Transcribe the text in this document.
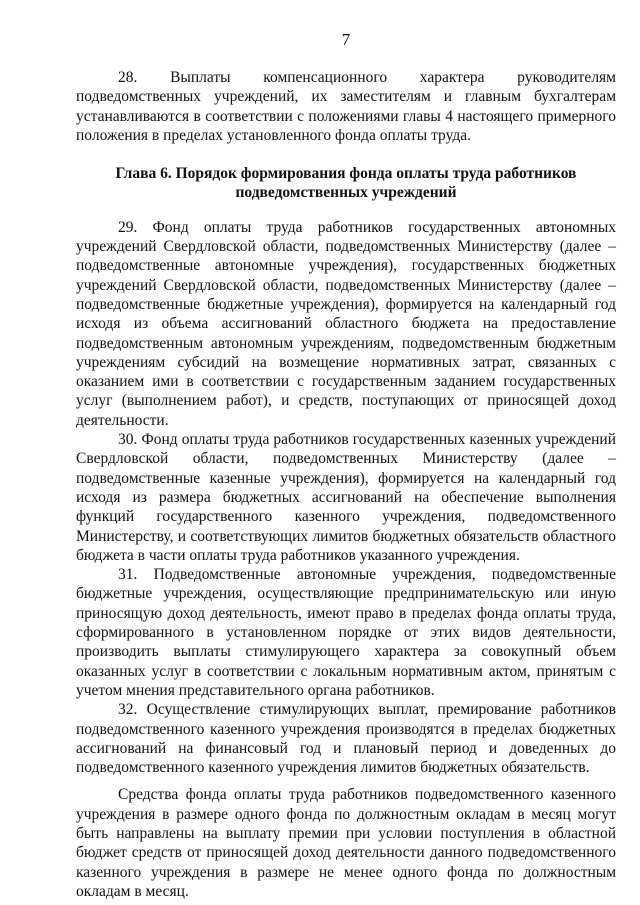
7

28. Выплаты компенсационного характера руководителям подведомственных учреждений, их заместителям и главным бухгалтерам устанавливаются в соответствии с положениями главы 4 настоящего примерного положения в пределах установленного фонда оплаты труда.

Глава 6. Порядок формирования фонда оплаты труда работников подведомственных учреждений

29. Фонд оплаты труда работников государственных автономных учреждений Свердловской области, подведомственных Министерству (далее – подведомственные автономные учреждения), государственных бюджетных учреждений Свердловской области, подведомственных Министерству (далее – подведомственные бюджетные учреждения), формируется на календарный год исходя из объема ассигнований областного бюджета на предоставление подведомственным автономным учреждениям, подведомственным бюджетным учреждениям субсидий на возмещение нормативных затрат, связанных с оказанием ими в соответствии с государственным заданием государственных услуг (выполнением работ), и средств, поступающих от приносящей доход деятельности.

30. Фонд оплаты труда работников государственных казенных учреждений Свердловской области, подведомственных Министерству (далее – подведомственные казенные учреждения), формируется на календарный год исходя из размера бюджетных ассигнований на обеспечение выполнения функций государственного казенного учреждения, подведомственного Министерству, и соответствующих лимитов бюджетных обязательств областного бюджета в части оплаты труда работников указанного учреждения.

31. Подведомственные автономные учреждения, подведомственные бюджетные учреждения, осуществляющие предпринимательскую или иную приносящую доход деятельность, имеют право в пределах фонда оплаты труда, сформированного в установленном порядке от этих видов деятельности, производить выплаты стимулирующего характера за совокупный объем оказанных услуг в соответствии с локальным нормативным актом, принятым с учетом мнения представительного органа работников.

32. Осуществление стимулирующих выплат, премирование работников подведомственного казенного учреждения производятся в пределах бюджетных ассигнований на финансовый год и плановый период и доведенных до подведомственного казенного учреждения лимитов бюджетных обязательств.

Средства фонда оплаты труда работников подведомственного казенного учреждения в размере одного фонда по должностным окладам в месяц могут быть направлены на выплату премии при условии поступления в областной бюджет средств от приносящей доход деятельности данного подведомственного казенного учреждения в размере не менее одного фонда по должностным окладам в месяц.
